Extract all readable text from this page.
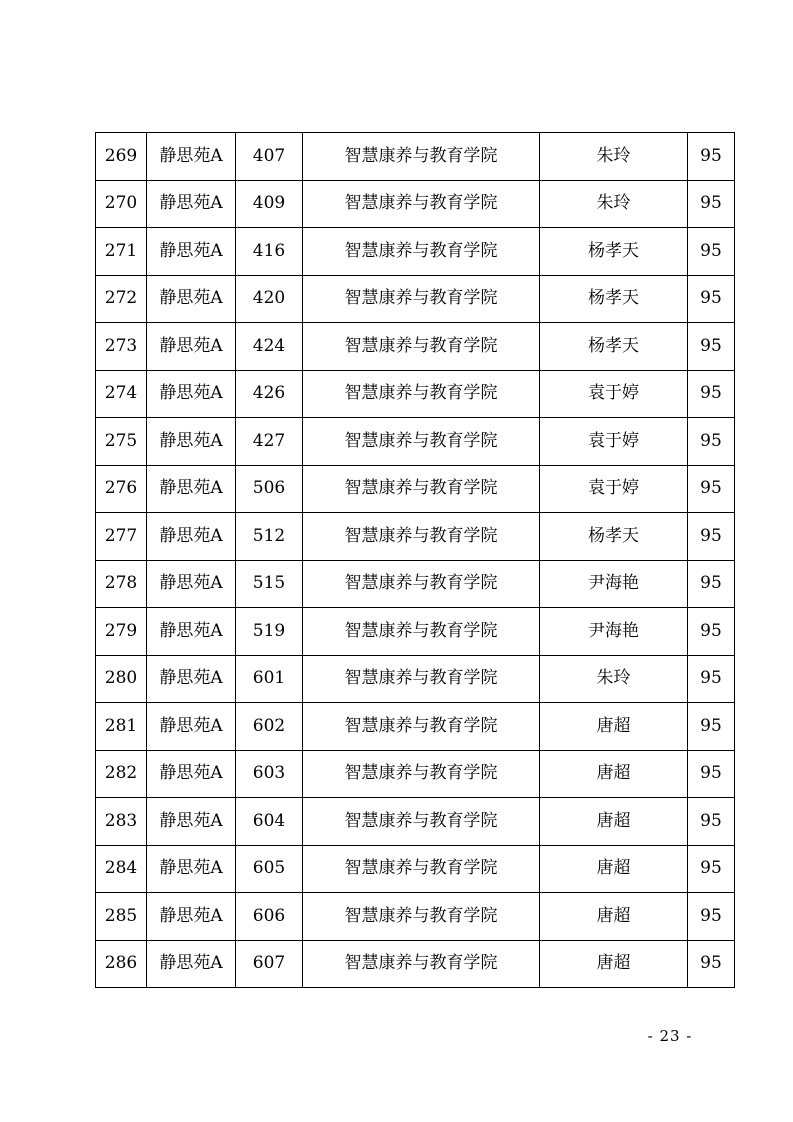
269	静思苑A	407	智慧康养与教育学院	朱玲	95
270	静思苑A	409	智慧康养与教育学院	朱玲	95
271	静思苑A	416	智慧康养与教育学院	杨孝天	95
272	静思苑A	420	智慧康养与教育学院	杨孝天	95
273	静思苑A	424	智慧康养与教育学院	杨孝天	95
274	静思苑A	426	智慧康养与教育学院	袁于婷	95
275	静思苑A	427	智慧康养与教育学院	袁于婷	95
276	静思苑A	506	智慧康养与教育学院	袁于婷	95
277	静思苑A	512	智慧康养与教育学院	杨孝天	95
278	静思苑A	515	智慧康养与教育学院	尹海艳	95
279	静思苑A	519	智慧康养与教育学院	尹海艳	95
280	静思苑A	601	智慧康养与教育学院	朱玲	95
281	静思苑A	602	智慧康养与教育学院	唐超	95
282	静思苑A	603	智慧康养与教育学院	唐超	95
283	静思苑A	604	智慧康养与教育学院	唐超	95
284	静思苑A	605	智慧康养与教育学院	唐超	95
285	静思苑A	606	智慧康养与教育学院	唐超	95
286	静思苑A	607	智慧康养与教育学院	唐超	95
- 23 -
